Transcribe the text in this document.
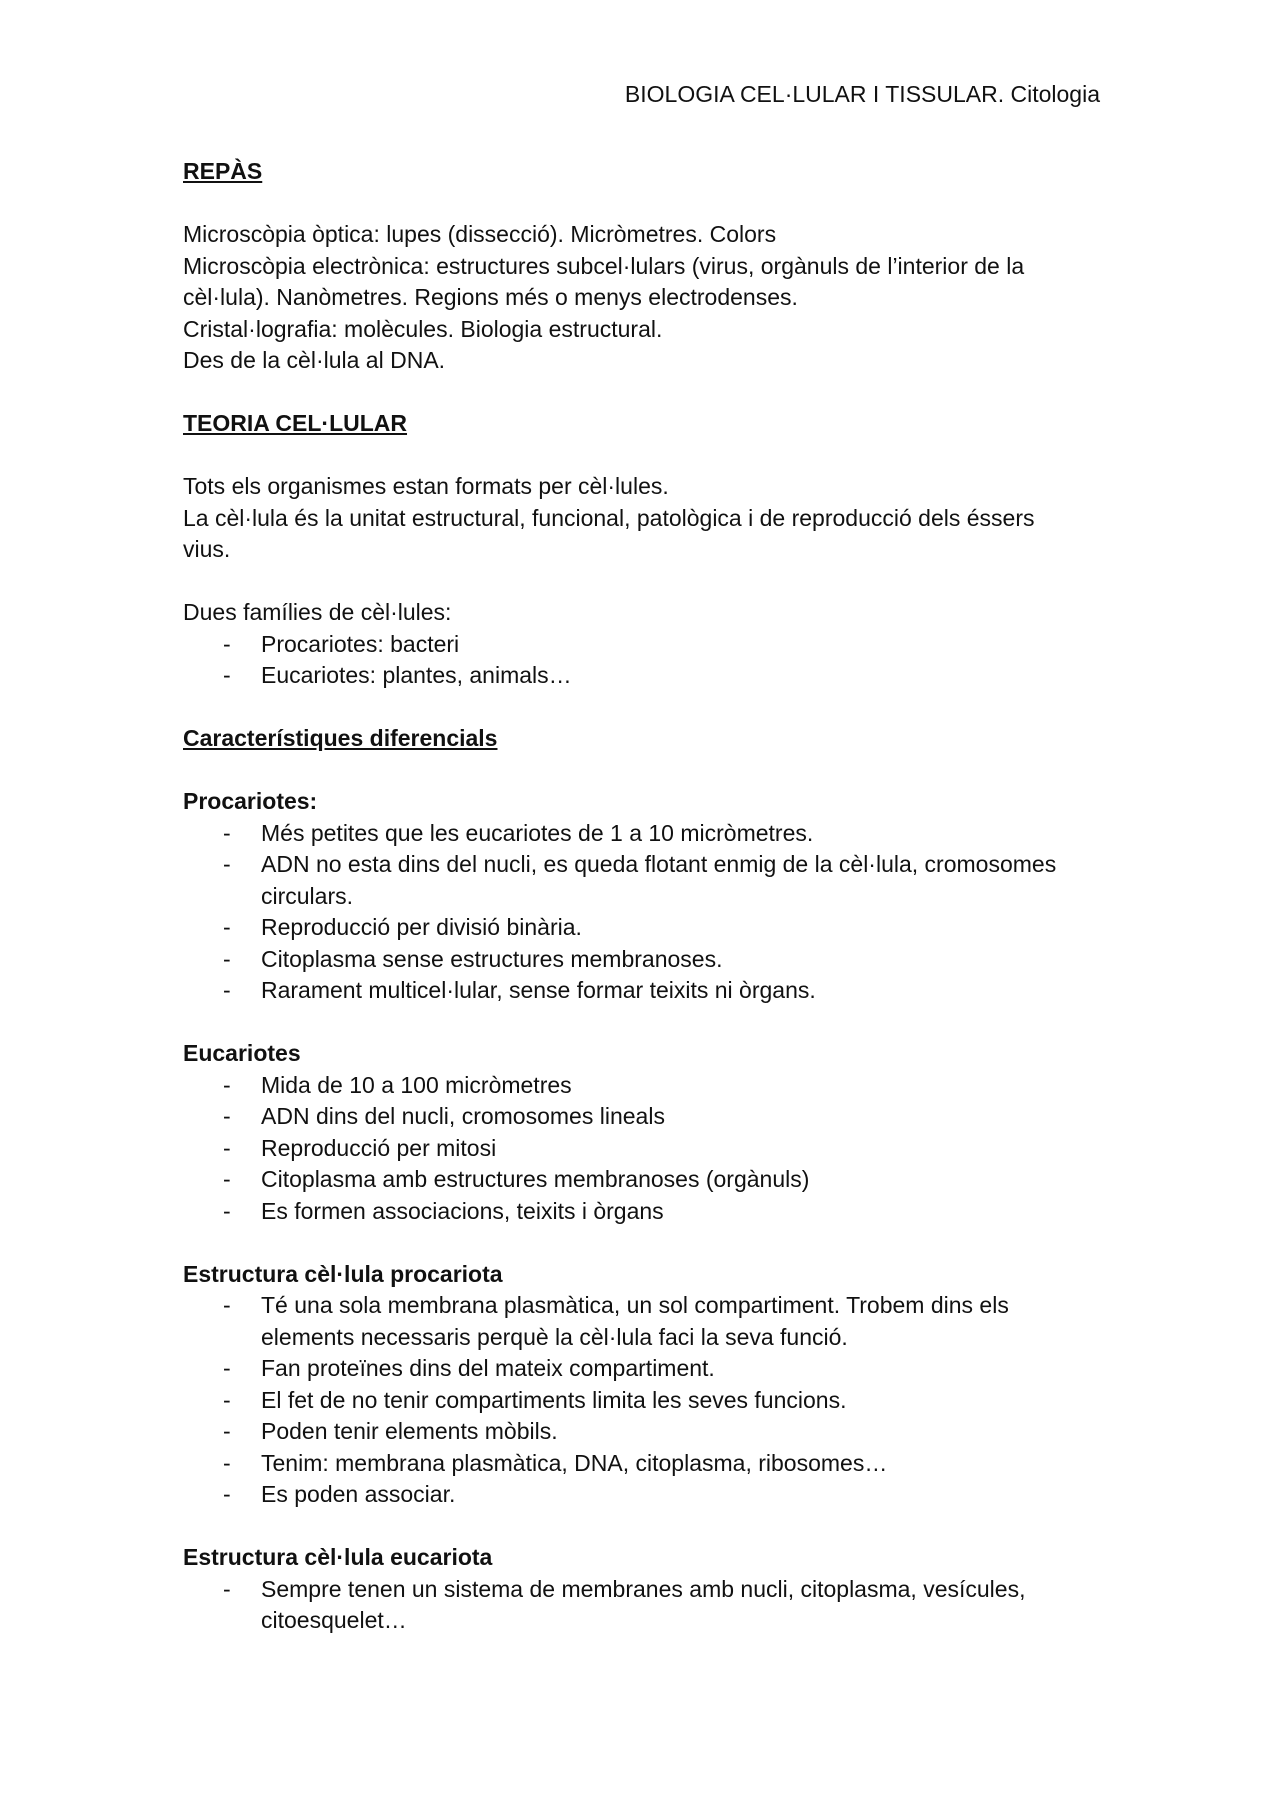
BIOLOGIA CEL·LULAR I TISSULAR. Citologia

REPÀS

Microscòpia òptica: lupes (dissecció). Micròmetres. Colors

Microscòpia electrònica: estructures subcel·lulars (virus, orgànuls de l’interior de la cèl·lula). Nanòmetres. Regions més o menys electrodenses.

Cristal·lografia: molècules. Biologia estructural.

Des de la cèl·lula al DNA.

TEORIA CEL·LULAR

Tots els organismes estan formats per cèl·lules.

La cèl·lula és la unitat estructural, funcional, patològica i de reproducció dels éssers vius.

Dues famílies de cèl·lules:

- Procariotes: bacteri
- Eucariotes: plantes, animals…

Característiques diferencials

Procariotes:

- Més petites que les eucariotes de 1 a 10 micròmetres.
- ADN no esta dins del nucli, es queda flotant enmig de la cèl·lula, cromosomes circulars.
- Reproducció per divisió binària.
- Citoplasma sense estructures membranoses.
- Rarament multicel·lular, sense formar teixits ni òrgans.

Eucariotes

- Mida de 10 a 100 micròmetres
- ADN dins del nucli, cromosomes lineals
- Reproducció per mitosi
- Citoplasma amb estructures membranoses (orgànuls)
- Es formen associacions, teixits i òrgans

Estructura cèl·lula procariota

- Té una sola membrana plasmàtica, un sol compartiment. Trobem dins els elements necessaris perquè la cèl·lula faci la seva funció.
- Fan proteïnes dins del mateix compartiment.
- El fet de no tenir compartiments limita les seves funcions.
- Poden tenir elements mòbils.
- Tenim: membrana plasmàtica, DNA, citoplasma, ribosomes…
- Es poden associar.

Estructura cèl·lula eucariota

- Sempre tenen un sistema de membranes amb nucli, citoplasma, vesícules, citoesquelet…
